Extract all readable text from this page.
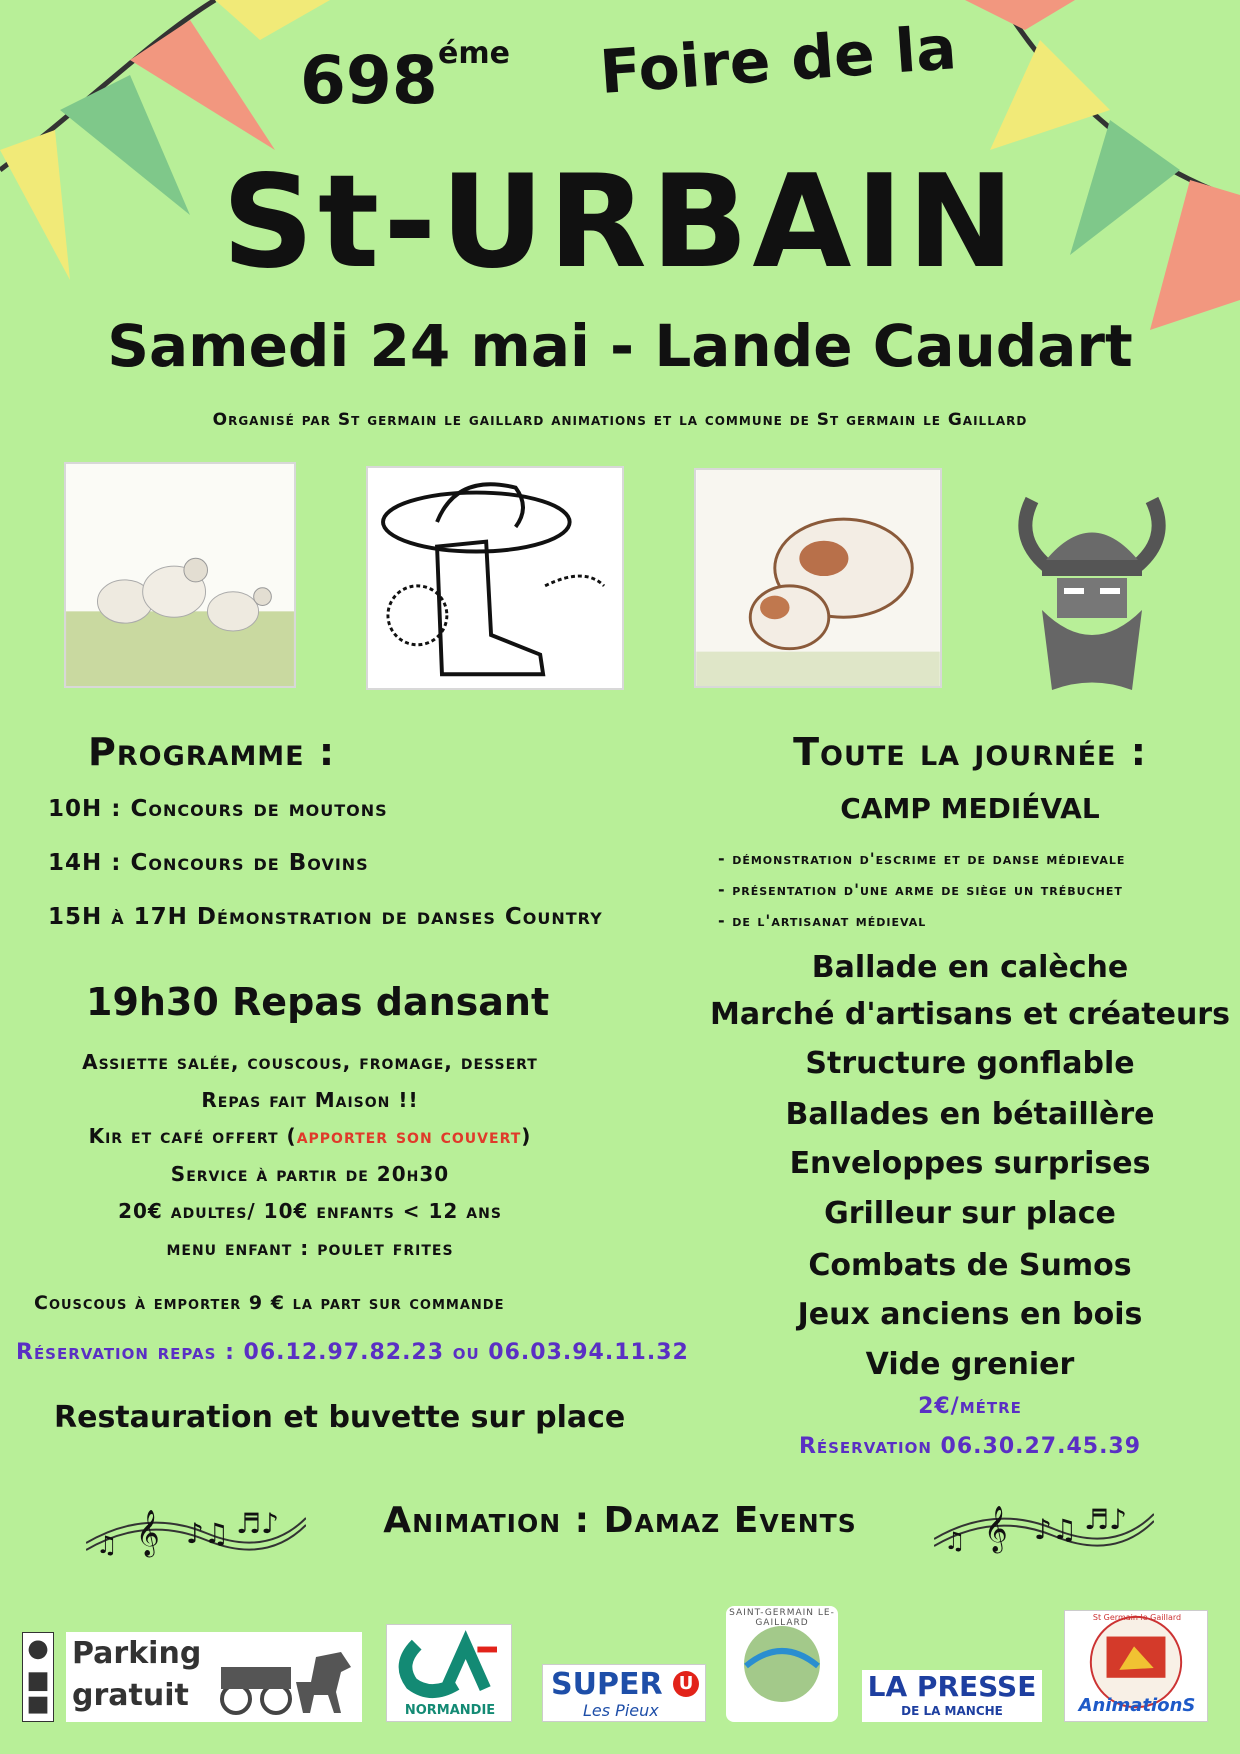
698 éme Foire de la
St-URBAIN
Samedi 24 mai - Lande Caudart
Organisé par St germain le gaillard animations et la commune de St germain le Gaillard
Programme :
10H : Concours de moutons
14H : Concours de Bovins
15H à 17H Démonstration de danses Country
19h30 Repas dansant
Assiette salée, couscous, fromage, dessert
Repas fait Maison !!
Kir et café offert (apporter son couvert)
Service à partir de 20h30
20€ adultes/ 10€ enfants < 12 ans
menu enfant : poulet frites
Couscous à emporter 9 € la part sur commande
Réservation repas : 06.12.97.82.23 ou 06.03.94.11.32
Restauration et buvette sur place
Toute la journée :
CAMP MEDIÉVAL
- démonstration d'escrime et de danse médievale
- présentation d'une arme de siège un trébuchet
- de l'artisanat médieval
Ballade en calèche
Marché d'artisans et créateurs
Structure gonflable
Ballades en bétaillère
Enveloppes surprises
Grilleur sur place
Combats de Sumos
Jeux anciens en bois
Vide grenier
2€/métre
Réservation 06.30.27.45.39
𝄞 ♪♫ ♬♪
♫
Animation : Damaz Events	𝄞 ♪♫ ♬♪
♫
Parking
gratuit	NORMANDIE
SUPER U
Les Pieux
SAINT-GERMAIN LE-GAILLARD
LA PRESSE
DE LA MANCHE
St Germain le Gaillard
AnimationS
